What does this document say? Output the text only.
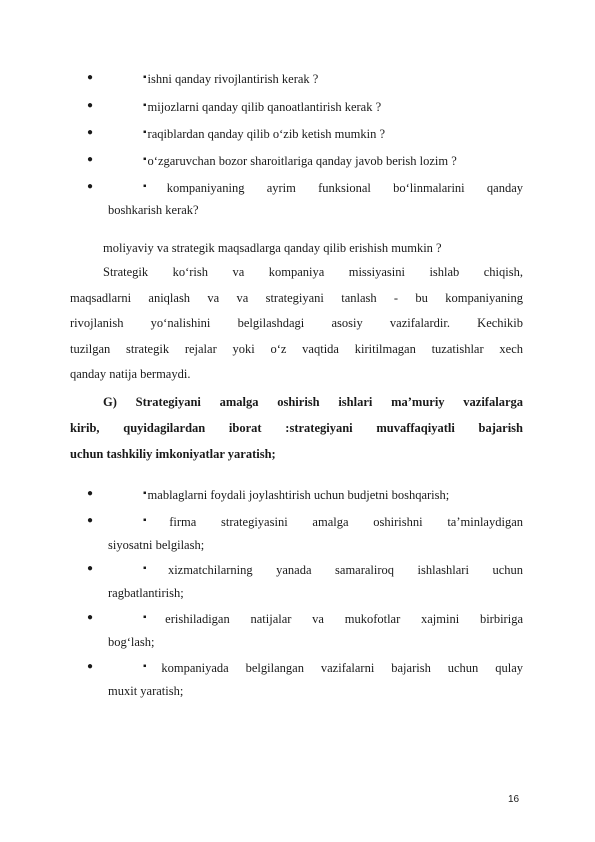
●	▪ishni qanday rivojlantirish kerak ?
●	▪mijozlarni qanday qilib qanoatlantirish kerak ?
●	▪raqiblardan qanday qilib o‘zib ketish mumkin ?
●	▪o‘zgaruvchan bozor sharoitlariga qanday javob berish lozim ?
●	▪kompaniyaning ayrim funksional bo‘linmalarini qanday
boshkarish kerak?
moliyaviy va strategik maqsadlarga qanday qilib erishish mumkin ?
Strategik ko‘rish va kompaniya missiyasini ishlab chiqish,
maqsadlarni aniqlash va va strategiyani tanlash - bu kompaniyaning
rivojlanish yo‘nalishini belgilashdagi asosiy vazifalardir. Kechikib
tuzilgan strategik rejalar yoki o‘z vaqtida kiritilmagan tuzatishlar xech
qanday natija bermaydi.
G) Strategiyani amalga oshirish ishlari ma’muriy vazifalarga
kirib, quyidagilardan iborat :strategiyani muvaffaqiyatli bajarish
uchun tashkiliy imkoniyatlar yaratish;
●	▪mablaglarni foydali joylashtirish uchun budjetni boshqarish;
●	▪firma strategiyasini amalga oshirishni ta’minlaydigan
siyosatni belgilash;
●	▪xizmatchilarning yanada samaraliroq ishlashlari uchun
ragbatlantirish;
●	▪erishiladigan natijalar va mukofotlar xajmini birbiriga
bog‘lash;
●	▪kompaniyada belgilangan vazifalarni bajarish uchun qulay
muxit yaratish;
16
